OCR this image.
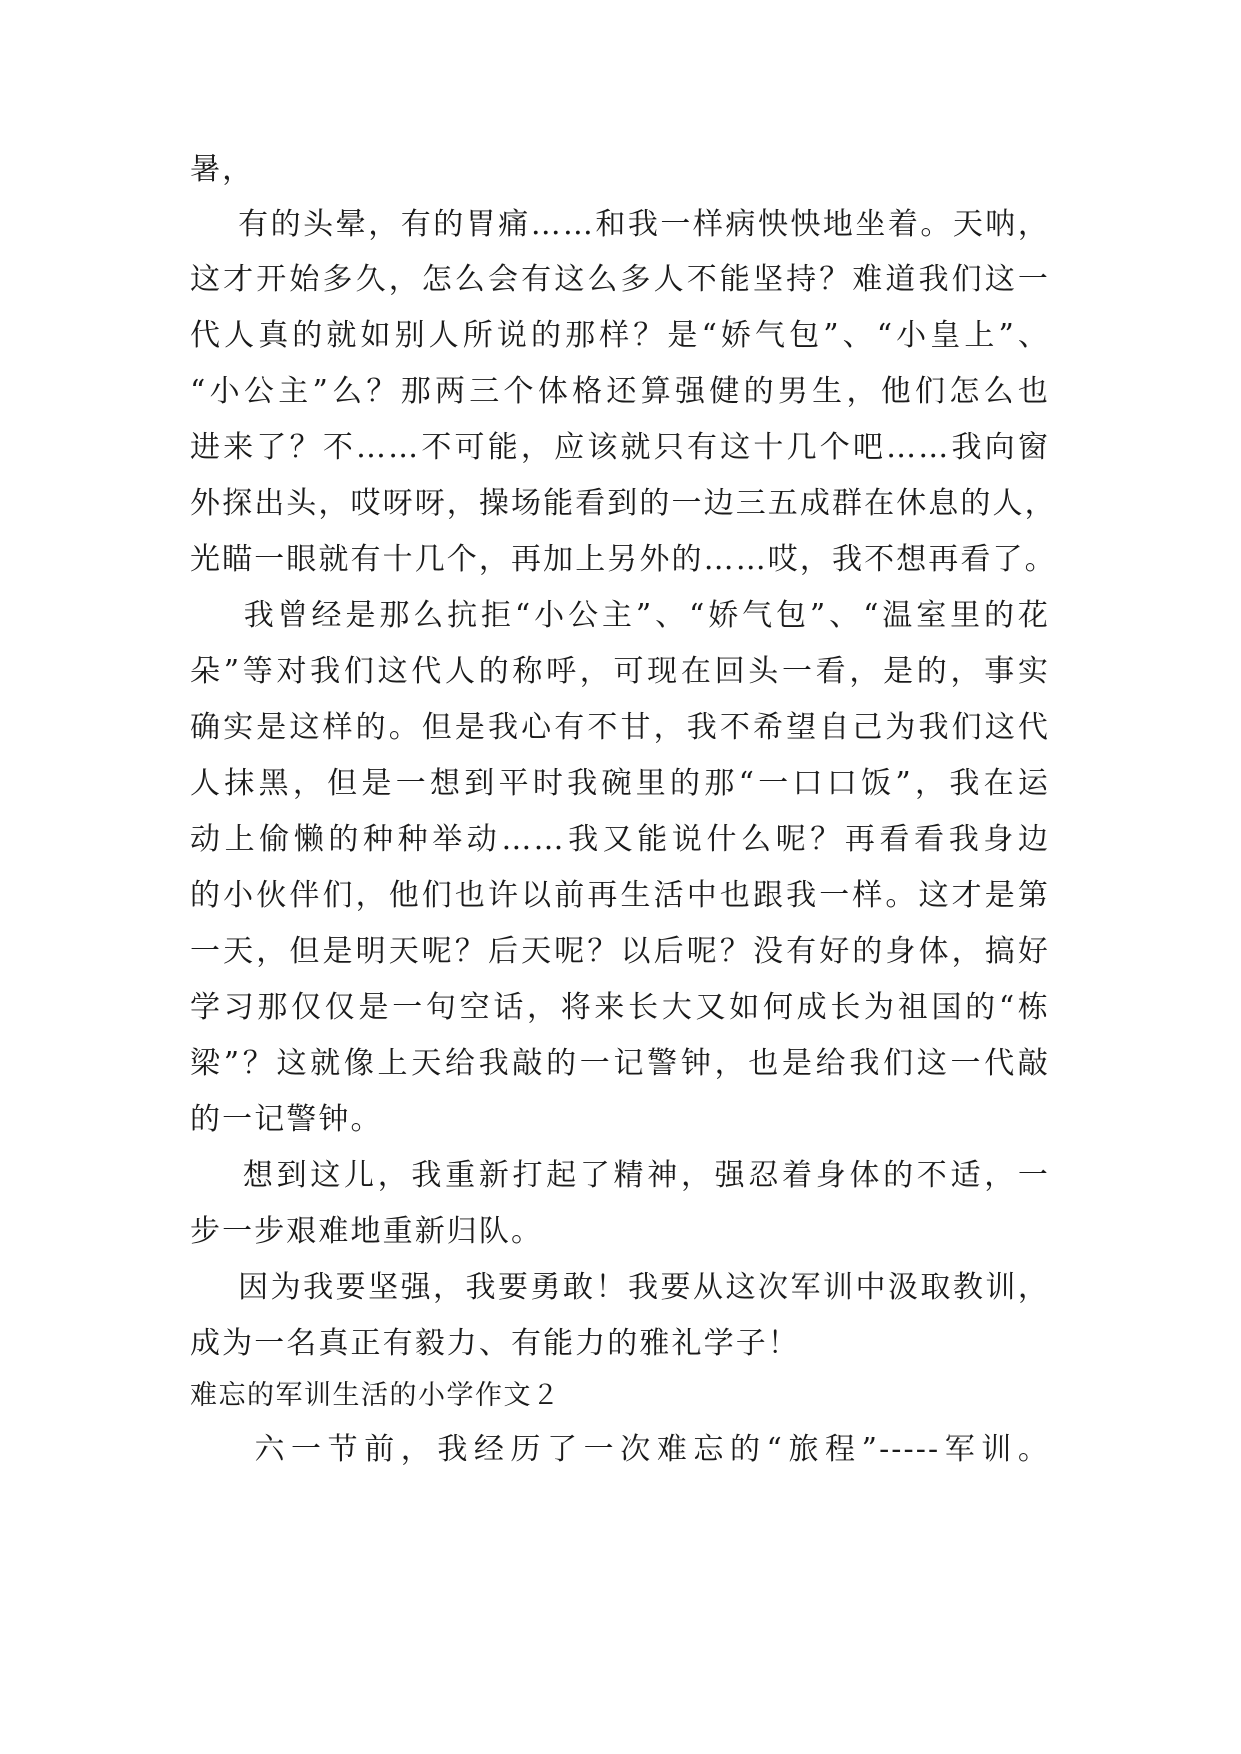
暑，
有的头晕，有的胃痛……和我一样病怏怏地坐着。天呐，
这才开始多久，怎么会有这么多人不能坚持？难道我们这一
代人真的就如别人所说的那样？是“娇气包”、“小皇上”、
“小公主”么？那两三个体格还算强健的男生，他们怎么也
进来了？不……不可能，应该就只有这十几个吧……我向窗
外探出头，哎呀呀，操场能看到的一边三五成群在休息的人，
光瞄一眼就有十几个，再加上另外的……哎，我不想再看了。
我曾经是那么抗拒“小公主”、“娇气包”、“温室里的花
朵”等对我们这代人的称呼，可现在回头一看，是的，事实
确实是这样的。但是我心有不甘，我不希望自己为我们这代
人抹黑，但是一想到平时我碗里的那“一口口饭”，我在运
动上偷懒的种种举动……我又能说什么呢？再看看我身边
的小伙伴们，他们也许以前再生活中也跟我一样。这才是第
一天，但是明天呢？后天呢？以后呢？没有好的身体，搞好
学习那仅仅是一句空话，将来长大又如何成长为祖国的“栋
梁”？这就像上天给我敲的一记警钟，也是给我们这一代敲
的一记警钟。
想到这儿，我重新打起了精神，强忍着身体的不适，一
步一步艰难地重新归队。
因为我要坚强，我要勇敢！我要从这次军训中汲取教训，
成为一名真正有毅力、有能力的雅礼学子！
难忘的军训生活的小学作文２
六一节前，我经历了一次难忘的“旅程”-----军训。
